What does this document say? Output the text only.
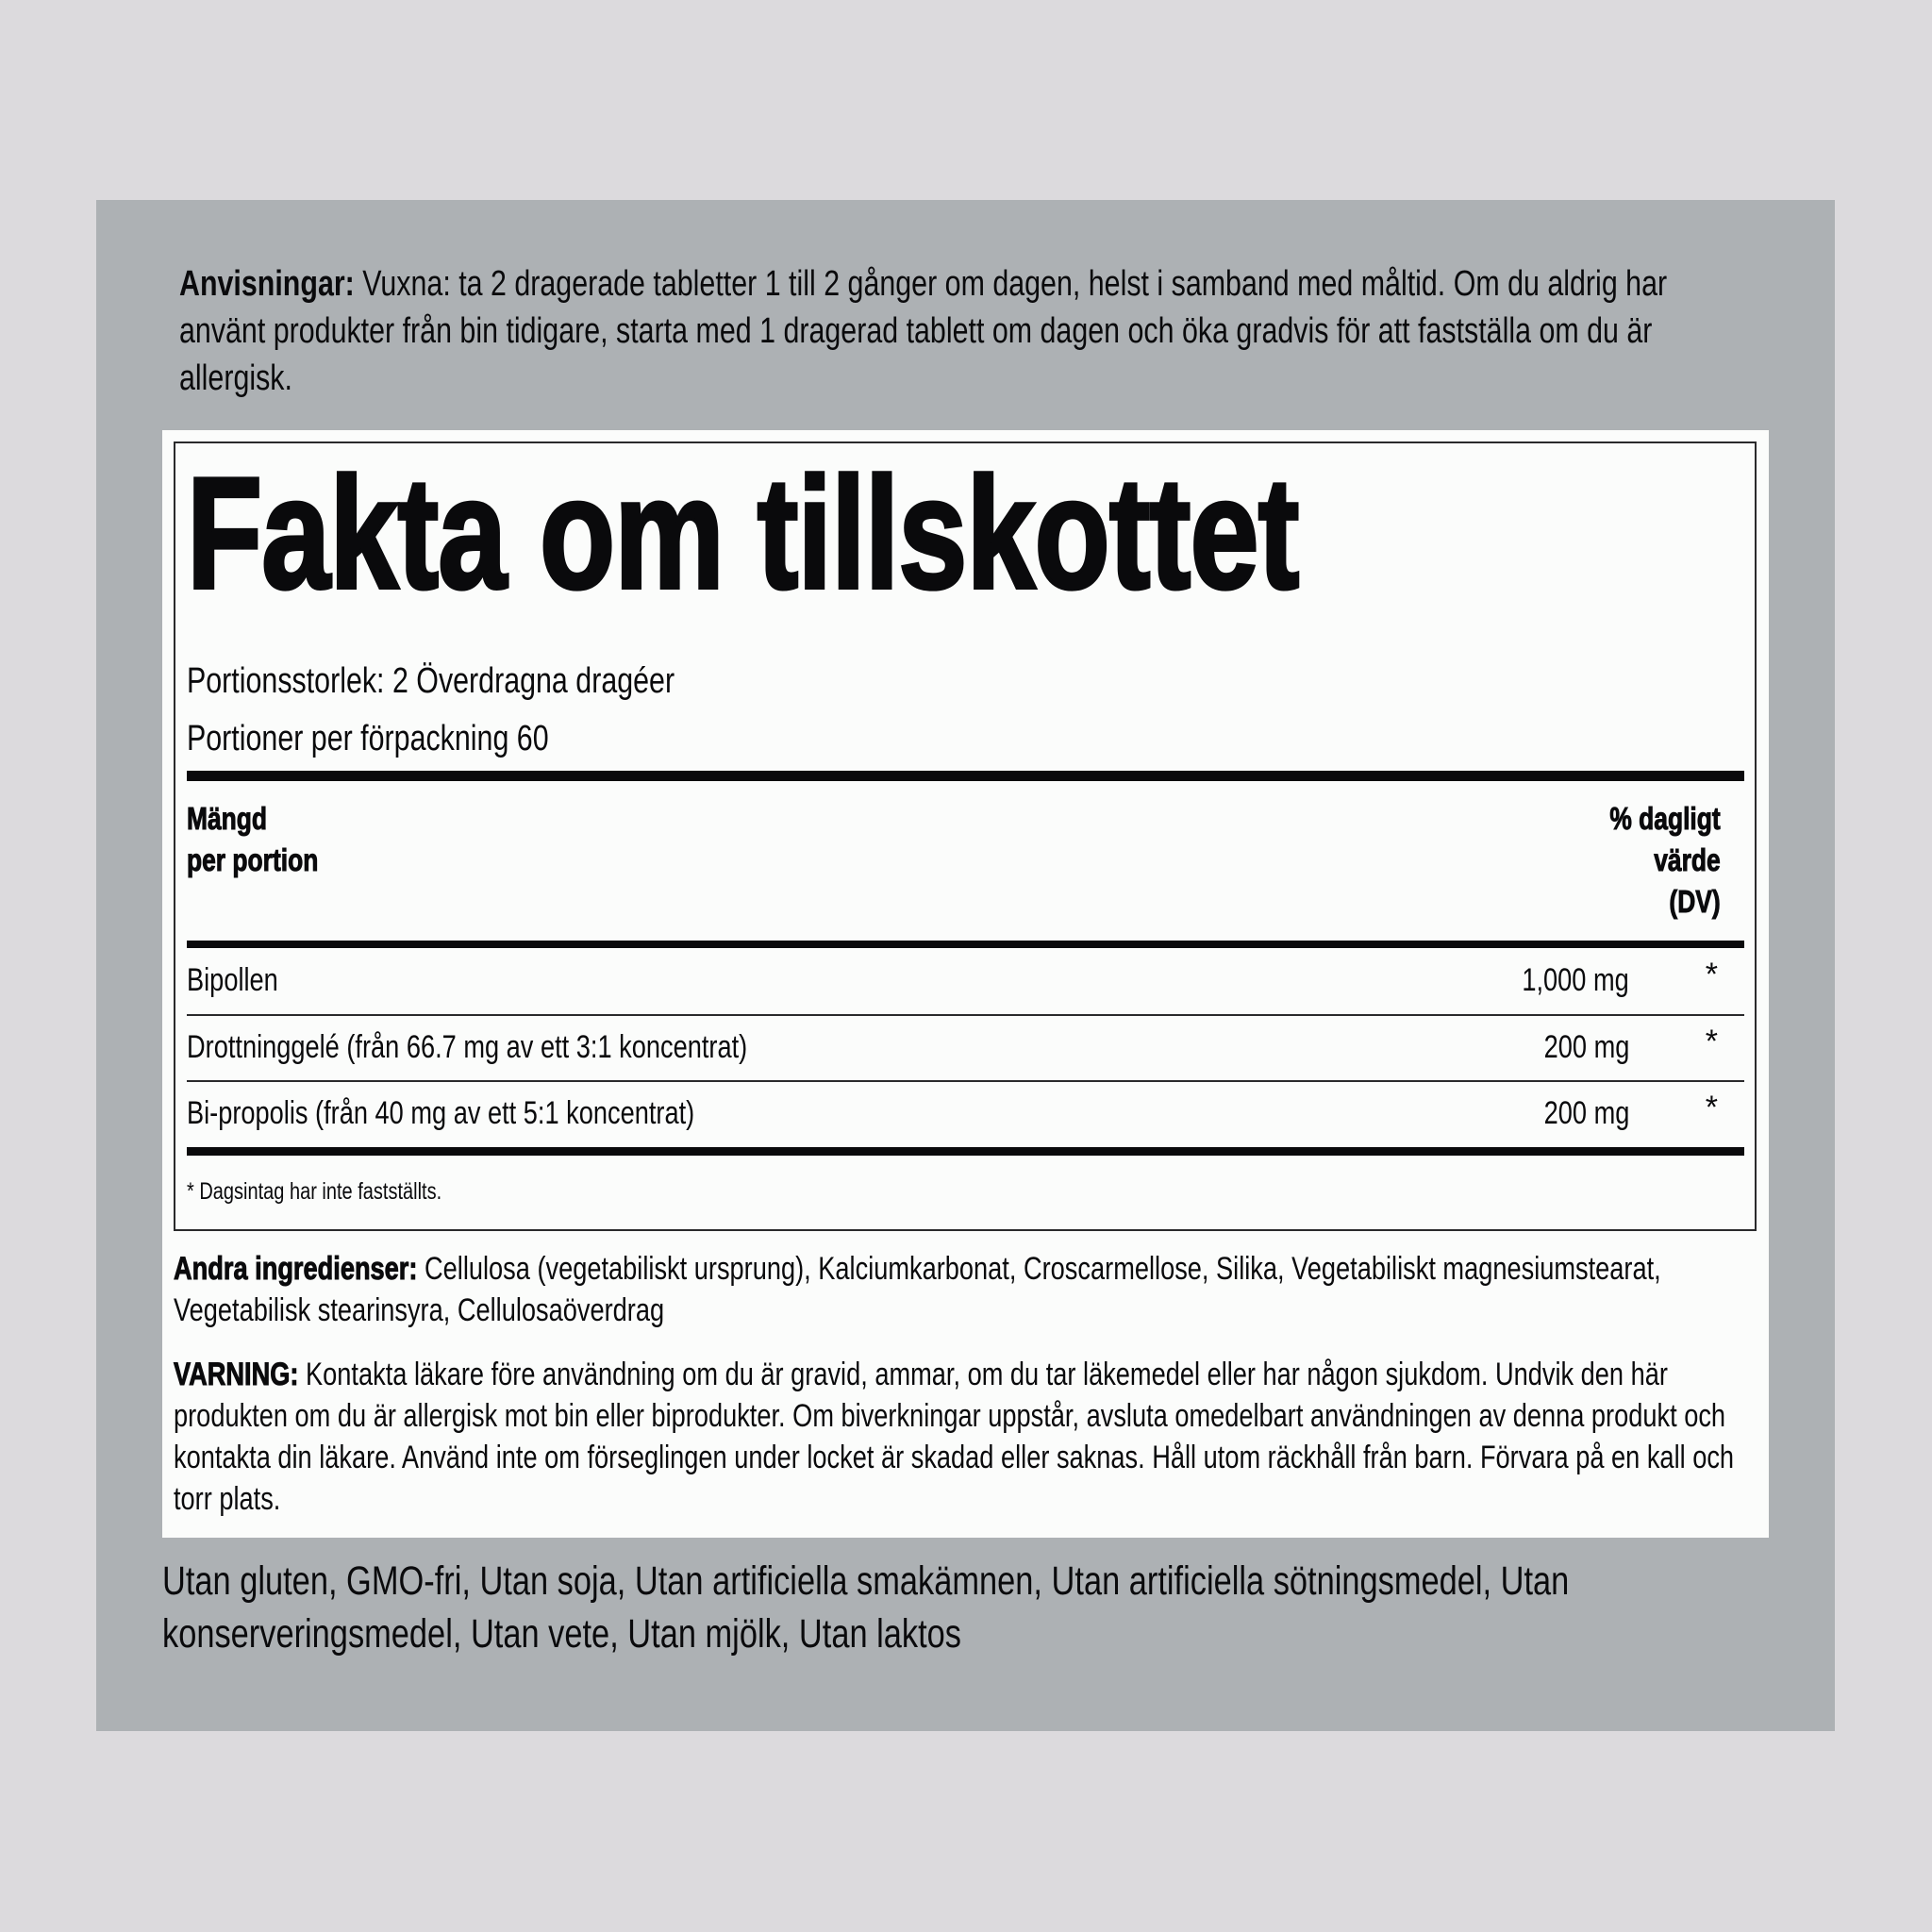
Anvisningar: Vuxna: ta 2 dragerade tabletter 1 till 2 gånger om dagen, helst i samband med måltid. Om du aldrig har använt produkter från bin tidigare, starta med 1 dragerad tablett om dagen och öka gradvis för att fastställa om du är allergisk.
Fakta om tillskottet
Portionsstorlek: 2 Överdragna dragéer
Portioner per förpackning 60
Mängd
per portion
% dagligt
värde
(DV)
Bipollen	1,000 mg *
Drottninggelé (från 66.7 mg av ett 3:1 koncentrat)	200 mg *
Bi-propolis (från 40 mg av ett 5:1 koncentrat)	200 mg *
* Dagsintag har inte fastställts.
Andra ingredienser: Cellulosa (vegetabiliskt ursprung), Kalciumkarbonat, Croscarmellose, Silika, Vegetabiliskt magnesiumstearat, Vegetabilisk stearinsyra, Cellulosaöverdrag
VARNING: Kontakta läkare före användning om du är gravid, ammar, om du tar läkemedel eller har någon sjukdom. Undvik den här produkten om du är allergisk mot bin eller biprodukter. Om biverkningar uppstår, avsluta omedelbart användningen av denna produkt och kontakta din läkare. Använd inte om förseglingen under locket är skadad eller saknas. Håll utom räckhåll från barn. Förvara på en kall och torr plats.
Utan gluten, GMO-fri, Utan soja, Utan artificiella smakämnen, Utan artificiella sötningsmedel, Utan konserveringsmedel, Utan vete, Utan mjölk, Utan laktos
